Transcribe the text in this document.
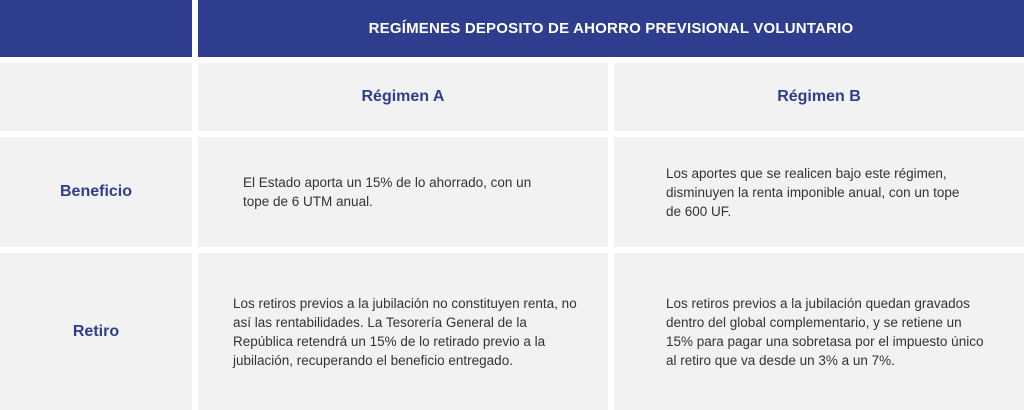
REGÍMENES DEPOSITO DE AHORRO PREVISIONAL VOLUNTARIO
Régimen A	Régimen B
Beneficio
El Estado aporta un 15% de lo ahorrado, con un tope de 6 UTM anual.
Los aportes que se realicen bajo este régimen, disminuyen la renta imponible anual, con un tope de 600 UF.
Retiro
Los retiros previos a la jubilación no constituyen renta, no así las rentabilidades. La Tesorería General de la República retendrá un 15% de lo retirado previo a la jubilación, recuperando el beneficio entregado.
Los retiros previos a la jubilación quedan gravados dentro del global complementario, y se retiene un 15% para pagar una sobretasa por el impuesto único al retiro que va desde un 3% a un 7%.
